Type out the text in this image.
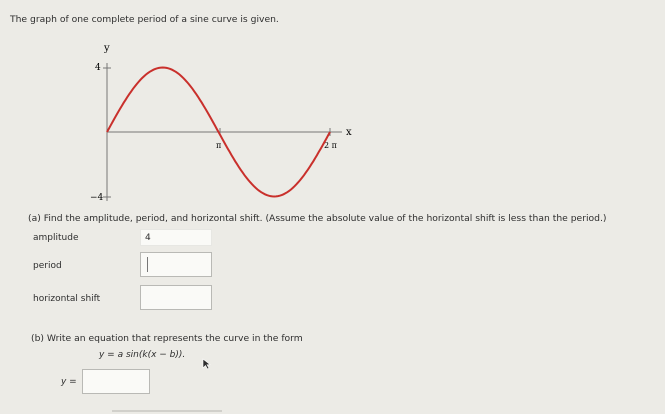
The graph of one complete period of a sine curve is given.
y
x
4
−4
π	2 π
(a) Find the amplitude, period, and horizontal shift. (Assume the absolute value of the horizontal shift is less than the period.)
amplitude	4
period
horizontal shift
(b) Write an equation that represents the curve in the form
y = a sin(k(x − b)).
y =
